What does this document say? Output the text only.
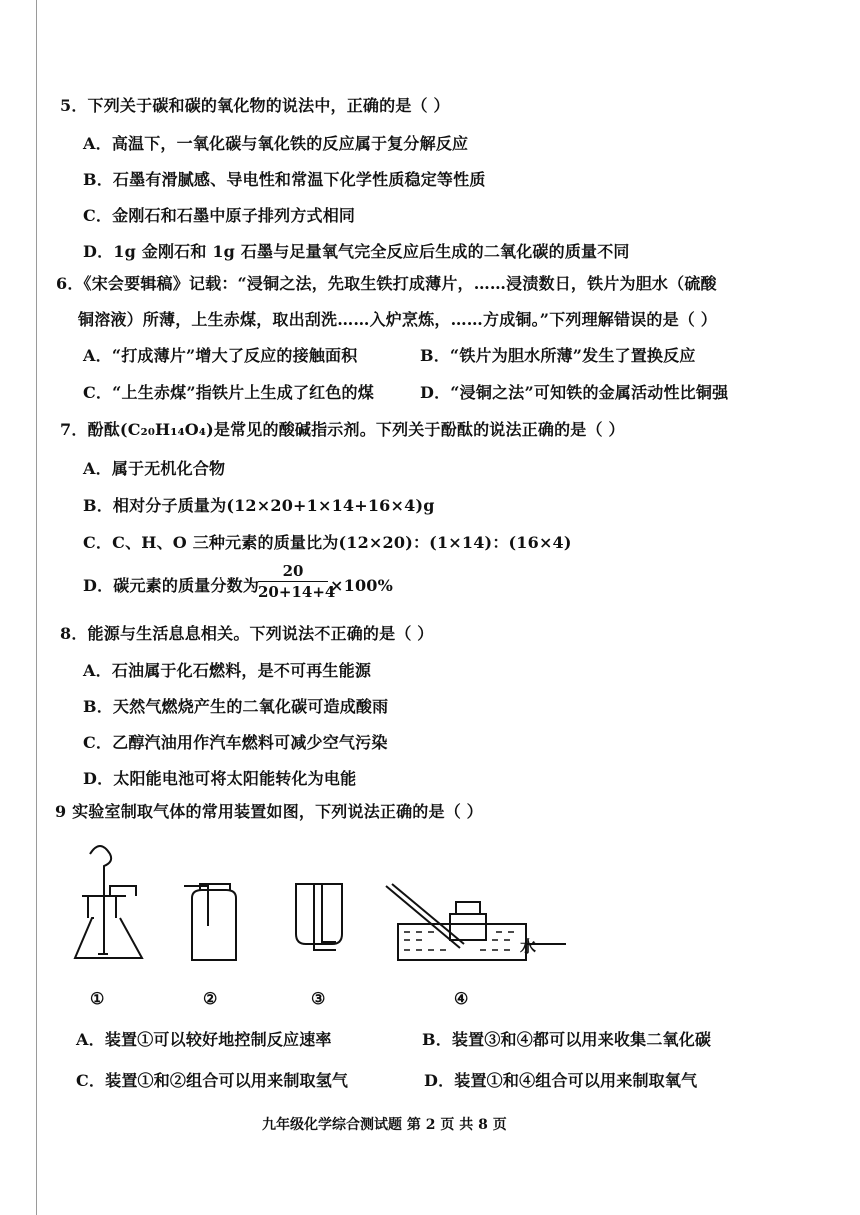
5．下列关于碳和碳的氧化物的说法中，正确的是（ ）
A．高温下，一氧化碳与氧化铁的反应属于复分解反应
B．石墨有滑腻感、导电性和常温下化学性质稳定等性质
C．金刚石和石墨中原子排列方式相同
D．1g 金刚石和 1g 石墨与足量氧气完全反应后生成的二氧化碳的质量不同
6．《宋会要辑稿》记载：“浸铜之法，先取生铁打成薄片，……浸渍数日，铁片为胆水（硫酸
铜溶液）所薄，上生赤煤，取出刮洗……入炉烹炼，……方成铜。”下列理解错误的是（ ）
A．“打成薄片”增大了反应的接触面积	B．“铁片为胆水所薄”发生了置换反应
C．“上生赤煤”指铁片上生成了红色的煤	D．“浸铜之法”可知铁的金属活动性比铜强
7．酚酞(C₂₀H₁₄O₄)是常见的酸碱指示剂。下列关于酚酞的说法正确的是（ ）
A．属于无机化合物
B．相对分子质量为(12×20+1×14+16×4)g
C．C、H、O 三种元素的质量比为(12×20)：(1×14)：(16×4)
D．碳元素的质量分数为
20
20+14+4
×100%
8．能源与生活息息相关。下列说法不正确的是（ ）
A．石油属于化石燃料，是不可再生能源
B．天然气燃烧产生的二氧化碳可造成酸雨
C．乙醇汽油用作汽车燃料可减少空气污染
D．太阳能电池可将太阳能转化为电能
9 实验室制取气体的常用装置如图，下列说法正确的是（ ）
水
①	②	③	④
A．装置①可以较好地控制反应速率	B．装置③和④都可以用来收集二氧化碳
C．装置①和②组合可以用来制取氢气	D．装置①和④组合可以用来制取氧气
九年级化学综合测试题 第 2 页 共 8 页
